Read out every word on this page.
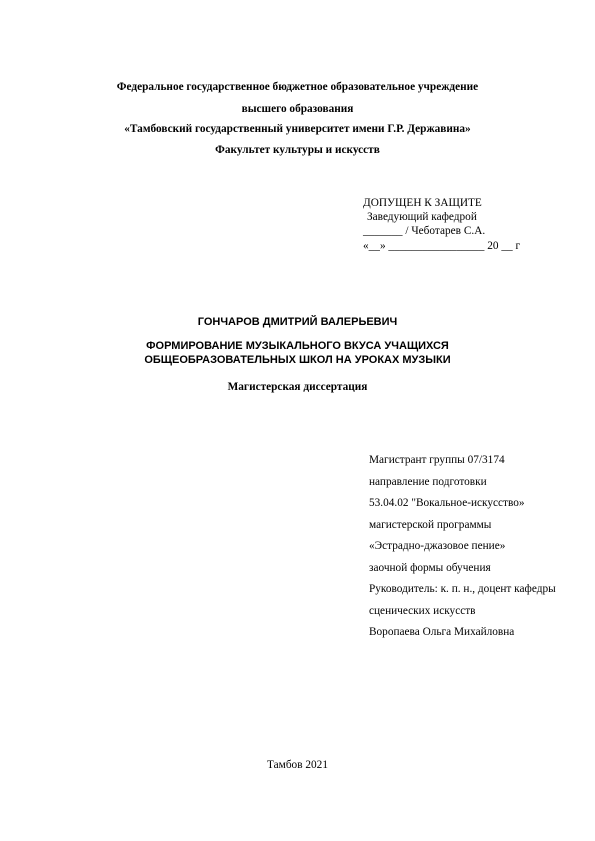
Федеральное государственное бюджетное образовательное учреждение
высшего образования
«Тамбовский государственный университет имени Г.Р. Державина»
Факультет культуры и искусств
ДОПУЩЕН К ЗАЩИТЕ
Заведующий кафедрой
_______ / Чеботарев С.А.
«__» _________________ 20 __ г
ГОНЧАРОВ ДМИТРИЙ ВАЛЕРЬЕВИЧ
ФОРМИРОВАНИЕ МУЗЫКАЛЬНОГО ВКУСА УЧАЩИХСЯ
ОБЩЕОБРАЗОВАТЕЛЬНЫХ ШКОЛ НА УРОКАХ МУЗЫКИ
Магистерская диссертация
Магистрант группы 07/3174
направление подготовки
53.04.02 "Вокальное-искусство»
магистерской программы
«Эстрадно-джазовое пение»
заочной формы обучения
Руководитель: к. п. н., доцент кафедры
сценических искусств
Воропаева Ольга Михайловна
Тамбов 2021
